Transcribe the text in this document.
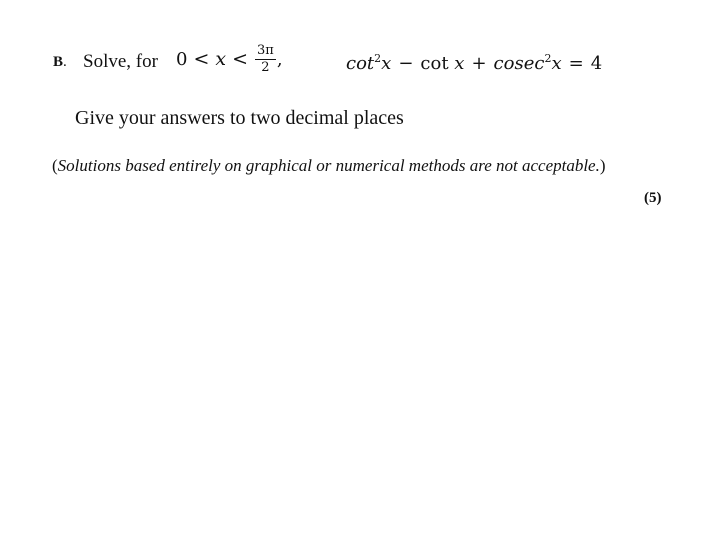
B. Solve, for $0 < x < \frac{3\pi}{2}$ ,	$\cot^2x - \cot x + cosec^2x = 4$
Give your answers to two decimal places
(Solutions based entirely on graphical or numerical methods are not acceptable.)
(5)
